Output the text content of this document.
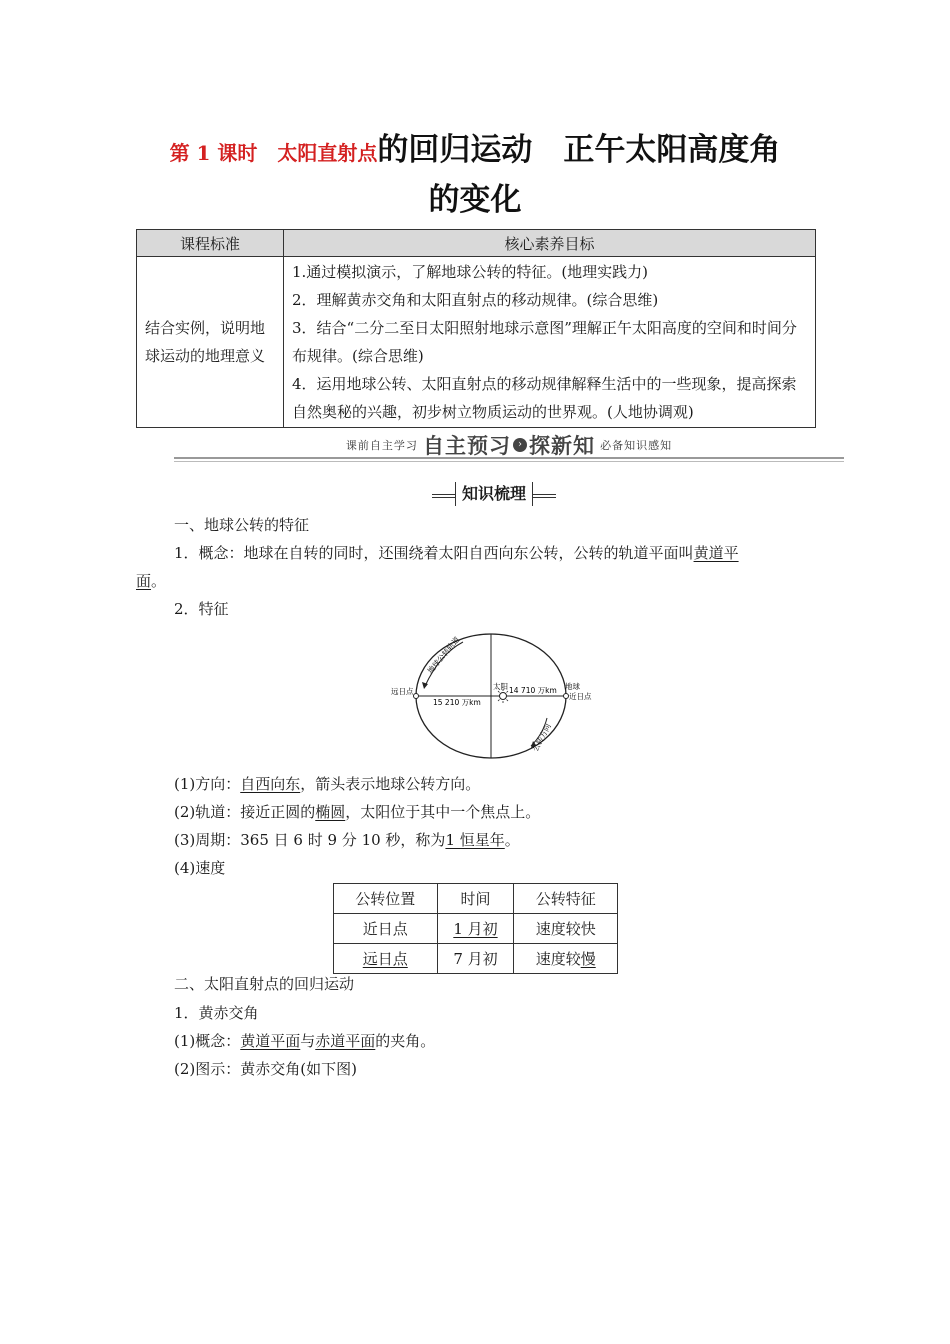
第 1 课时　太阳直射点的回归运动　正午太阳高度角
的变化
课程标准	核心素养目标
结合实例，说明地球运动的地理意义	1.通过模拟演示，了解地球公转的特征。(地理实践力)
2．理解黄赤交角和太阳直射点的移动规律。(综合思维)
3．结合“二分二至日太阳照射地球示意图”理解正午太阳高度的空间和时间分布规律。(综合思维)
4．运用地球公转、太阳直射点的移动规律解释生活中的一些现象，提高探索自然奥秘的兴趣，初步树立物质运动的世界观。(人地协调观)
课前自主学习 自主预习 › 探新知 必备知识感知
知识梳理
一、地球公转的特征
1．概念：地球在自转的同时，还围绕着太阳自西向东公转，公转的轨道平面叫黄道平
面。
2．特征
地球公转轨道
公转方向
太阳 14 710 万km
15 210 万km
远日点
地球
近日点
(1)方向：自西向东，箭头表示地球公转方向。
(2)轨道：接近正圆的椭圆，太阳位于其中一个焦点上。
(3)周期：365 日 6 时 9 分 10 秒，称为1 恒星年。
(4)速度
公转位置	时间	公转特征
近日点	1 月初	速度较快
远日点	7 月初	速度较慢
二、太阳直射点的回归运动
1．黄赤交角
(1)概念：黄道平面与赤道平面的夹角。
(2)图示：黄赤交角(如下图)
